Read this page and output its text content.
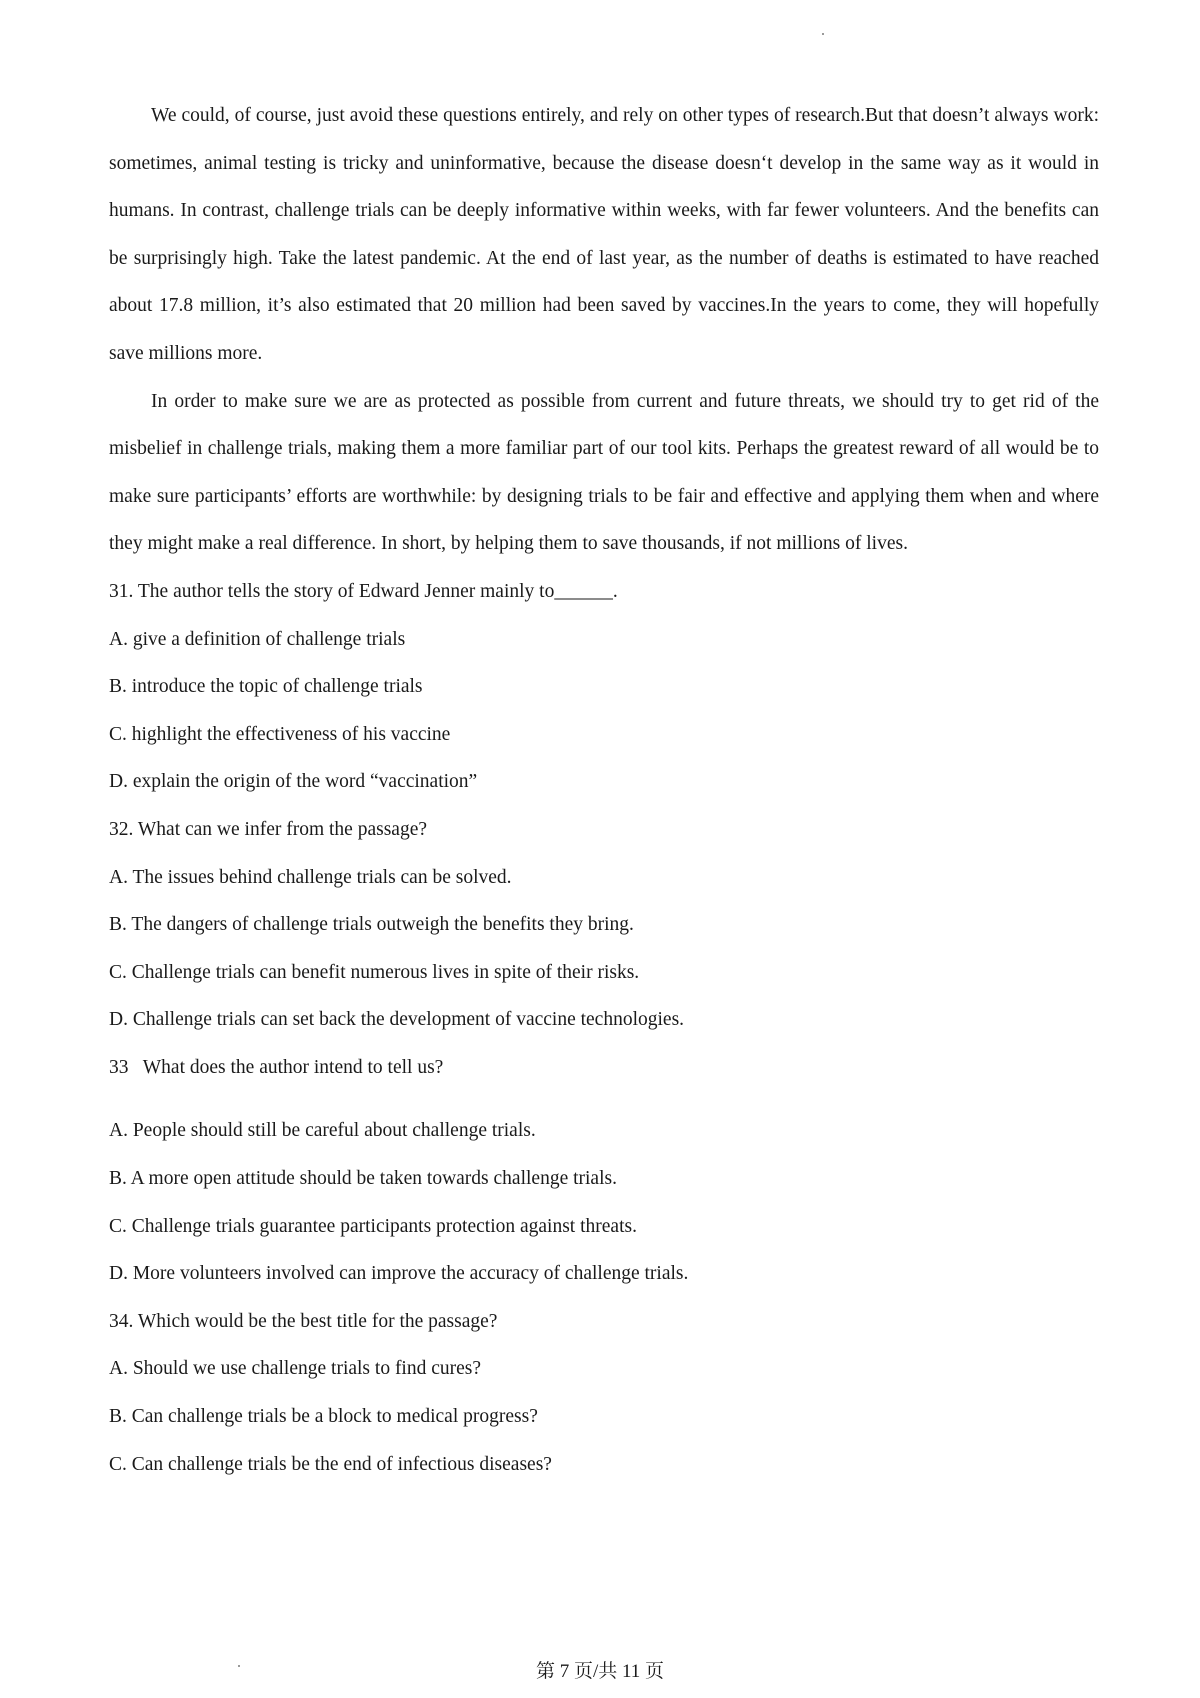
We could, of course, just avoid these questions entirely, and rely on other types of research.But that doesn’t always work: sometimes, animal testing is tricky and uninformative, because the disease doesn‘t develop in the same way as it would in humans. In contrast, challenge trials can be deeply informative within weeks, with far fewer volunteers. And the benefits can be surprisingly high. Take the latest pandemic. At the end of last year, as the number of deaths is estimated to have reached about 17.8 million, it’s also estimated that 20 million had been saved by vaccines.In the years to come, they will hopefully save millions more.

In order to make sure we are as protected as possible from current and future threats, we should try to get rid of the misbelief in challenge trials, making them a more familiar part of our tool kits. Perhaps the greatest reward of all would be to make sure participants’ efforts are worthwhile: by designing trials to be fair and effective and applying them when and where they might make a real difference. In short, by helping them to save thousands, if not millions of lives.

31. The author tells the story of Edward Jenner mainly to______.

A. give a definition of challenge trials

B. introduce the topic of challenge trials

C. highlight the effectiveness of his vaccine

D. explain the origin of the word “vaccination”

32. What can we infer from the passage?

A. The issues behind challenge trials can be solved.

B. The dangers of challenge trials outweigh the benefits they bring.

C. Challenge trials can benefit numerous lives in spite of their risks.

D. Challenge trials can set back the development of vaccine technologies.

33   What does the author intend to tell us?

A. People should still be careful about challenge trials.

B. A more open attitude should be taken towards challenge trials.

C. Challenge trials guarantee participants protection against threats.

D. More volunteers involved can improve the accuracy of challenge trials.

34. Which would be the best title for the passage?

A. Should we use challenge trials to find cures?

B. Can challenge trials be a block to medical progress?

C. Can challenge trials be the end of infectious diseases?

第 7 页/共 11 页
